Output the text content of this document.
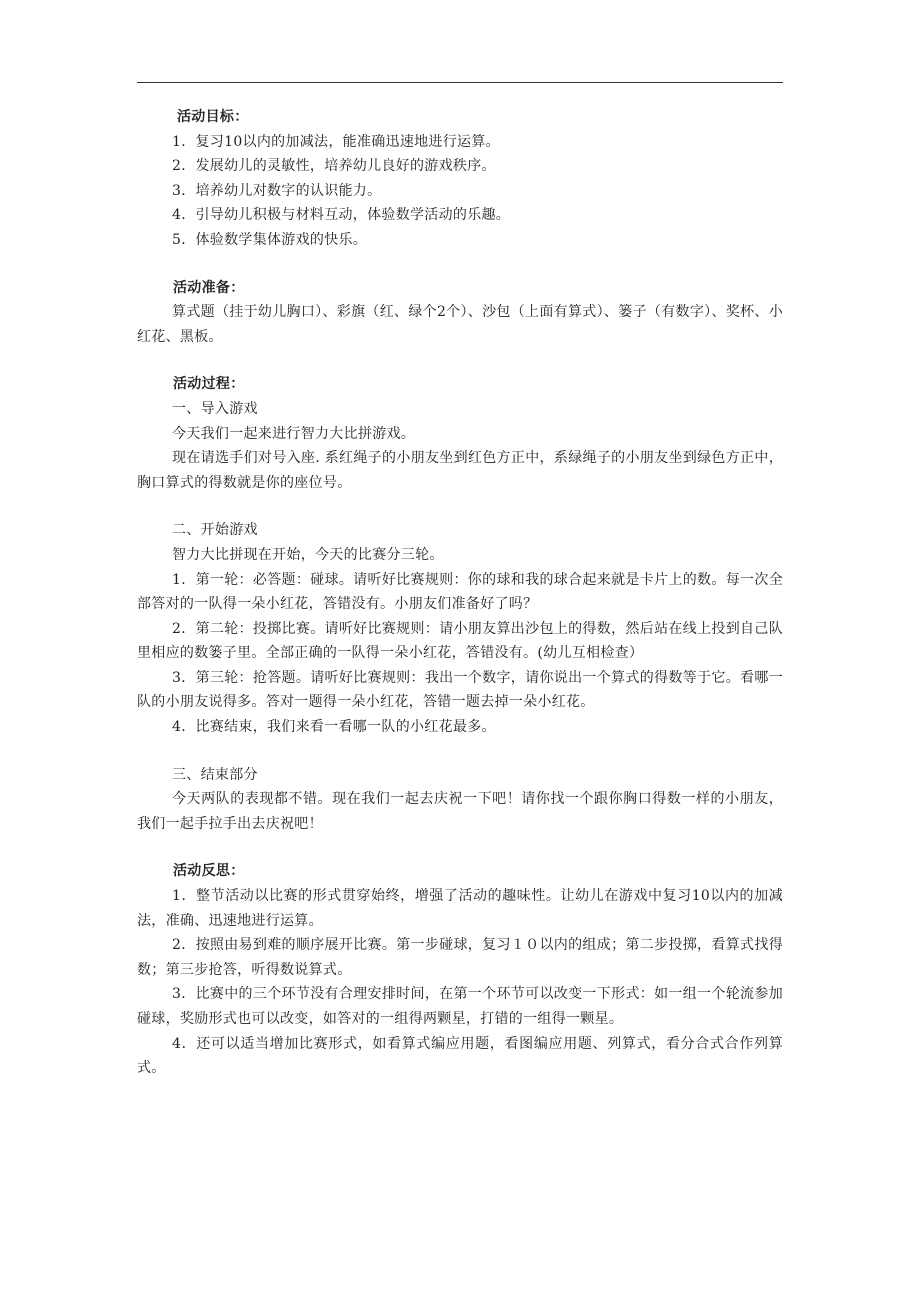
活动目标：

1．复习10以内的加减法，能准确迅速地进行运算。

2．发展幼儿的灵敏性，培养幼儿良好的游戏秩序。

3．培养幼儿对数字的认识能力。

4．引导幼儿积极与材料互动，体验数学活动的乐趣。

5．体验数学集体游戏的快乐。

活动准备：

算式题（挂于幼儿胸口）、彩旗（红、绿个2个）、沙包（上面有算式）、篓子（有数字）、奖杯、小红花、黑板。

活动过程：

一、导入游戏

今天我们一起来进行智力大比拼游戏。

现在请选手们对号入座. 系红绳子的小朋友坐到红色方正中，系绿绳子的小朋友坐到绿色方正中，胸口算式的得数就是你的座位号。

二、开始游戏

智力大比拼现在开始，今天的比赛分三轮。

1．第一轮：必答题：碰球。请听好比赛规则：你的球和我的球合起来就是卡片上的数。每一次全部答对的一队得一朵小红花，答错没有。小朋友们准备好了吗？

2．第二轮：投掷比赛。请听好比赛规则：请小朋友算出沙包上的得数，然后站在线上投到自己队里相应的数篓子里。全部正确的一队得一朵小红花，答错没有。(幼儿互相检查）

3．第三轮：抢答题。请听好比赛规则：我出一个数字，请你说出一个算式的得数等于它。看哪一队的小朋友说得多。答对一题得一朵小红花，答错一题去掉一朵小红花。

4．比赛结束，我们来看一看哪一队的小红花最多。

三、结束部分

今天两队的表现都不错。现在我们一起去庆祝一下吧！请你找一个跟你胸口得数一样的小朋友，我们一起手拉手出去庆祝吧！

活动反思：

1．整节活动以比赛的形式贯穿始终，增强了活动的趣味性。让幼儿在游戏中复习10以内的加减法，准确、迅速地进行运算。

2．按照由易到难的顺序展开比赛。第一步碰球，复习１０以内的组成；第二步投掷，看算式找得数；第三步抢答，听得数说算式。

3．比赛中的三个环节没有合理安排时间，在第一个环节可以改变一下形式：如一组一个轮流参加碰球，奖励形式也可以改变，如答对的一组得两颗星，打错的一组得一颗星。

4．还可以适当增加比赛形式，如看算式编应用题，看图编应用题、列算式，看分合式合作列算式。
